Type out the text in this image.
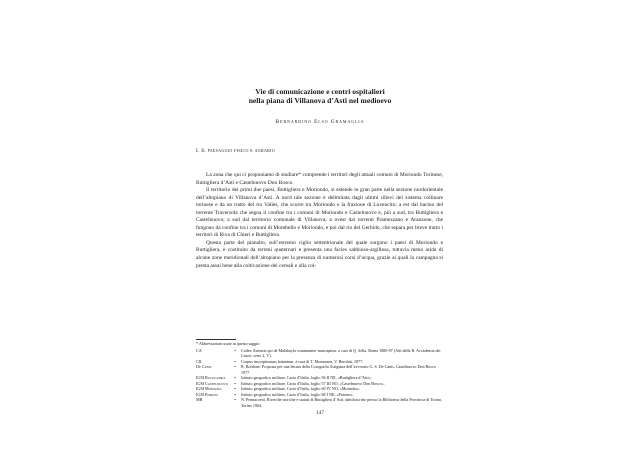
Vie di comunicazione e centri ospitalieri
nella piana di Villanova d’Asti nel medioevo
Bernardino Elso Gramaglia
I. Il paesaggio fisico e agrario

La zona che qui ci proponiamo di studiare* comprende i territori degli attuali comuni di Moriondo Torinese, Buttigliera d’Asti e Castelnuovo Don Bosco.

Il territorio dei primi due paesi, Buttigliera e Moriondo, si estende in gran parte nella sezione nordorientale dell’altopiano di Villanova d’Asti. A nord tale sezione è delimitata dagli ultimi rilievi del sistema collinare torinese e da un tratto del rio Valles, che scorre tra Moriondo e la frazione di Lovencito; a est dal bacino del torrente Traversola che segna il confine tra i comuni di Moriondo e Castelnuovo e, più a sud, tra Buttigliera e Castelnuovo; a sud dal territorio comunale di Villanova; a ovest dai torrenti Pramezzano e Aranzone, che fungono da confine tra i comuni di Mombello e Moriondo, e poi dal rio del Gerbido, che separa per breve tratto i territori di Riva di Chieri e Buttigliera.

Questa parte del pianalto, sull’estremo ciglio settentrionale del quale sorgono i paesi di Moriondo e Buttigliera, è costituito da terreni quaternari e presenta una facies sabbioso-argillosa, tuttavia meno arida di alcune zone meridionali dell’altopiano per la presenza di numerosi corsi d’acqua, grazie ai quali la campagna si presta assai bene alla coltivazione dei cereali e alla col-

* Abbreviazioni usate in questo saggio:

CA	=	Codex Astensis qui de Malabayla communiter nuncupatur, a cura di Q. Sella, Roma 1880-87 (Atti della R. Accademia dei Lincei, serie 2, V).
CIL	=	Corpus inscriptionum latinarum, a cura di T. Mommsen, V, Berolini, 1877.
De Canis	=	R. Bordone, Proposta per una lettura della Corografia Astigiana dell’avvocato G. S. De Canis, Castelnuovo Don Bosco 1977.
IGM Buttigliera	=	Istituto geografico militare, Carta d’Italia, foglio 56 II NE, «Buttigliera d’Asti».
IGM Castelnuovo	=	Istituto geografico militare, Carta d’Italia, foglio 57 III NO, «Castelnuovo Don Bosco».
IGM Montafia	=	Istituto geografico militare, Carta d’Italia, foglio 69 IV NO, «Montafia».
IGM Poirino	=	Istituto geografico militare, Carta d’Italia, foglio 68 I NE, «Poirino».
MB	=	N. Pennaccetti, Ricerche storiche e statuti di Buttigliera d’Asti, dattiloscritto presso la Biblioteca della Provincia di Torino, Torino 1964.
147
